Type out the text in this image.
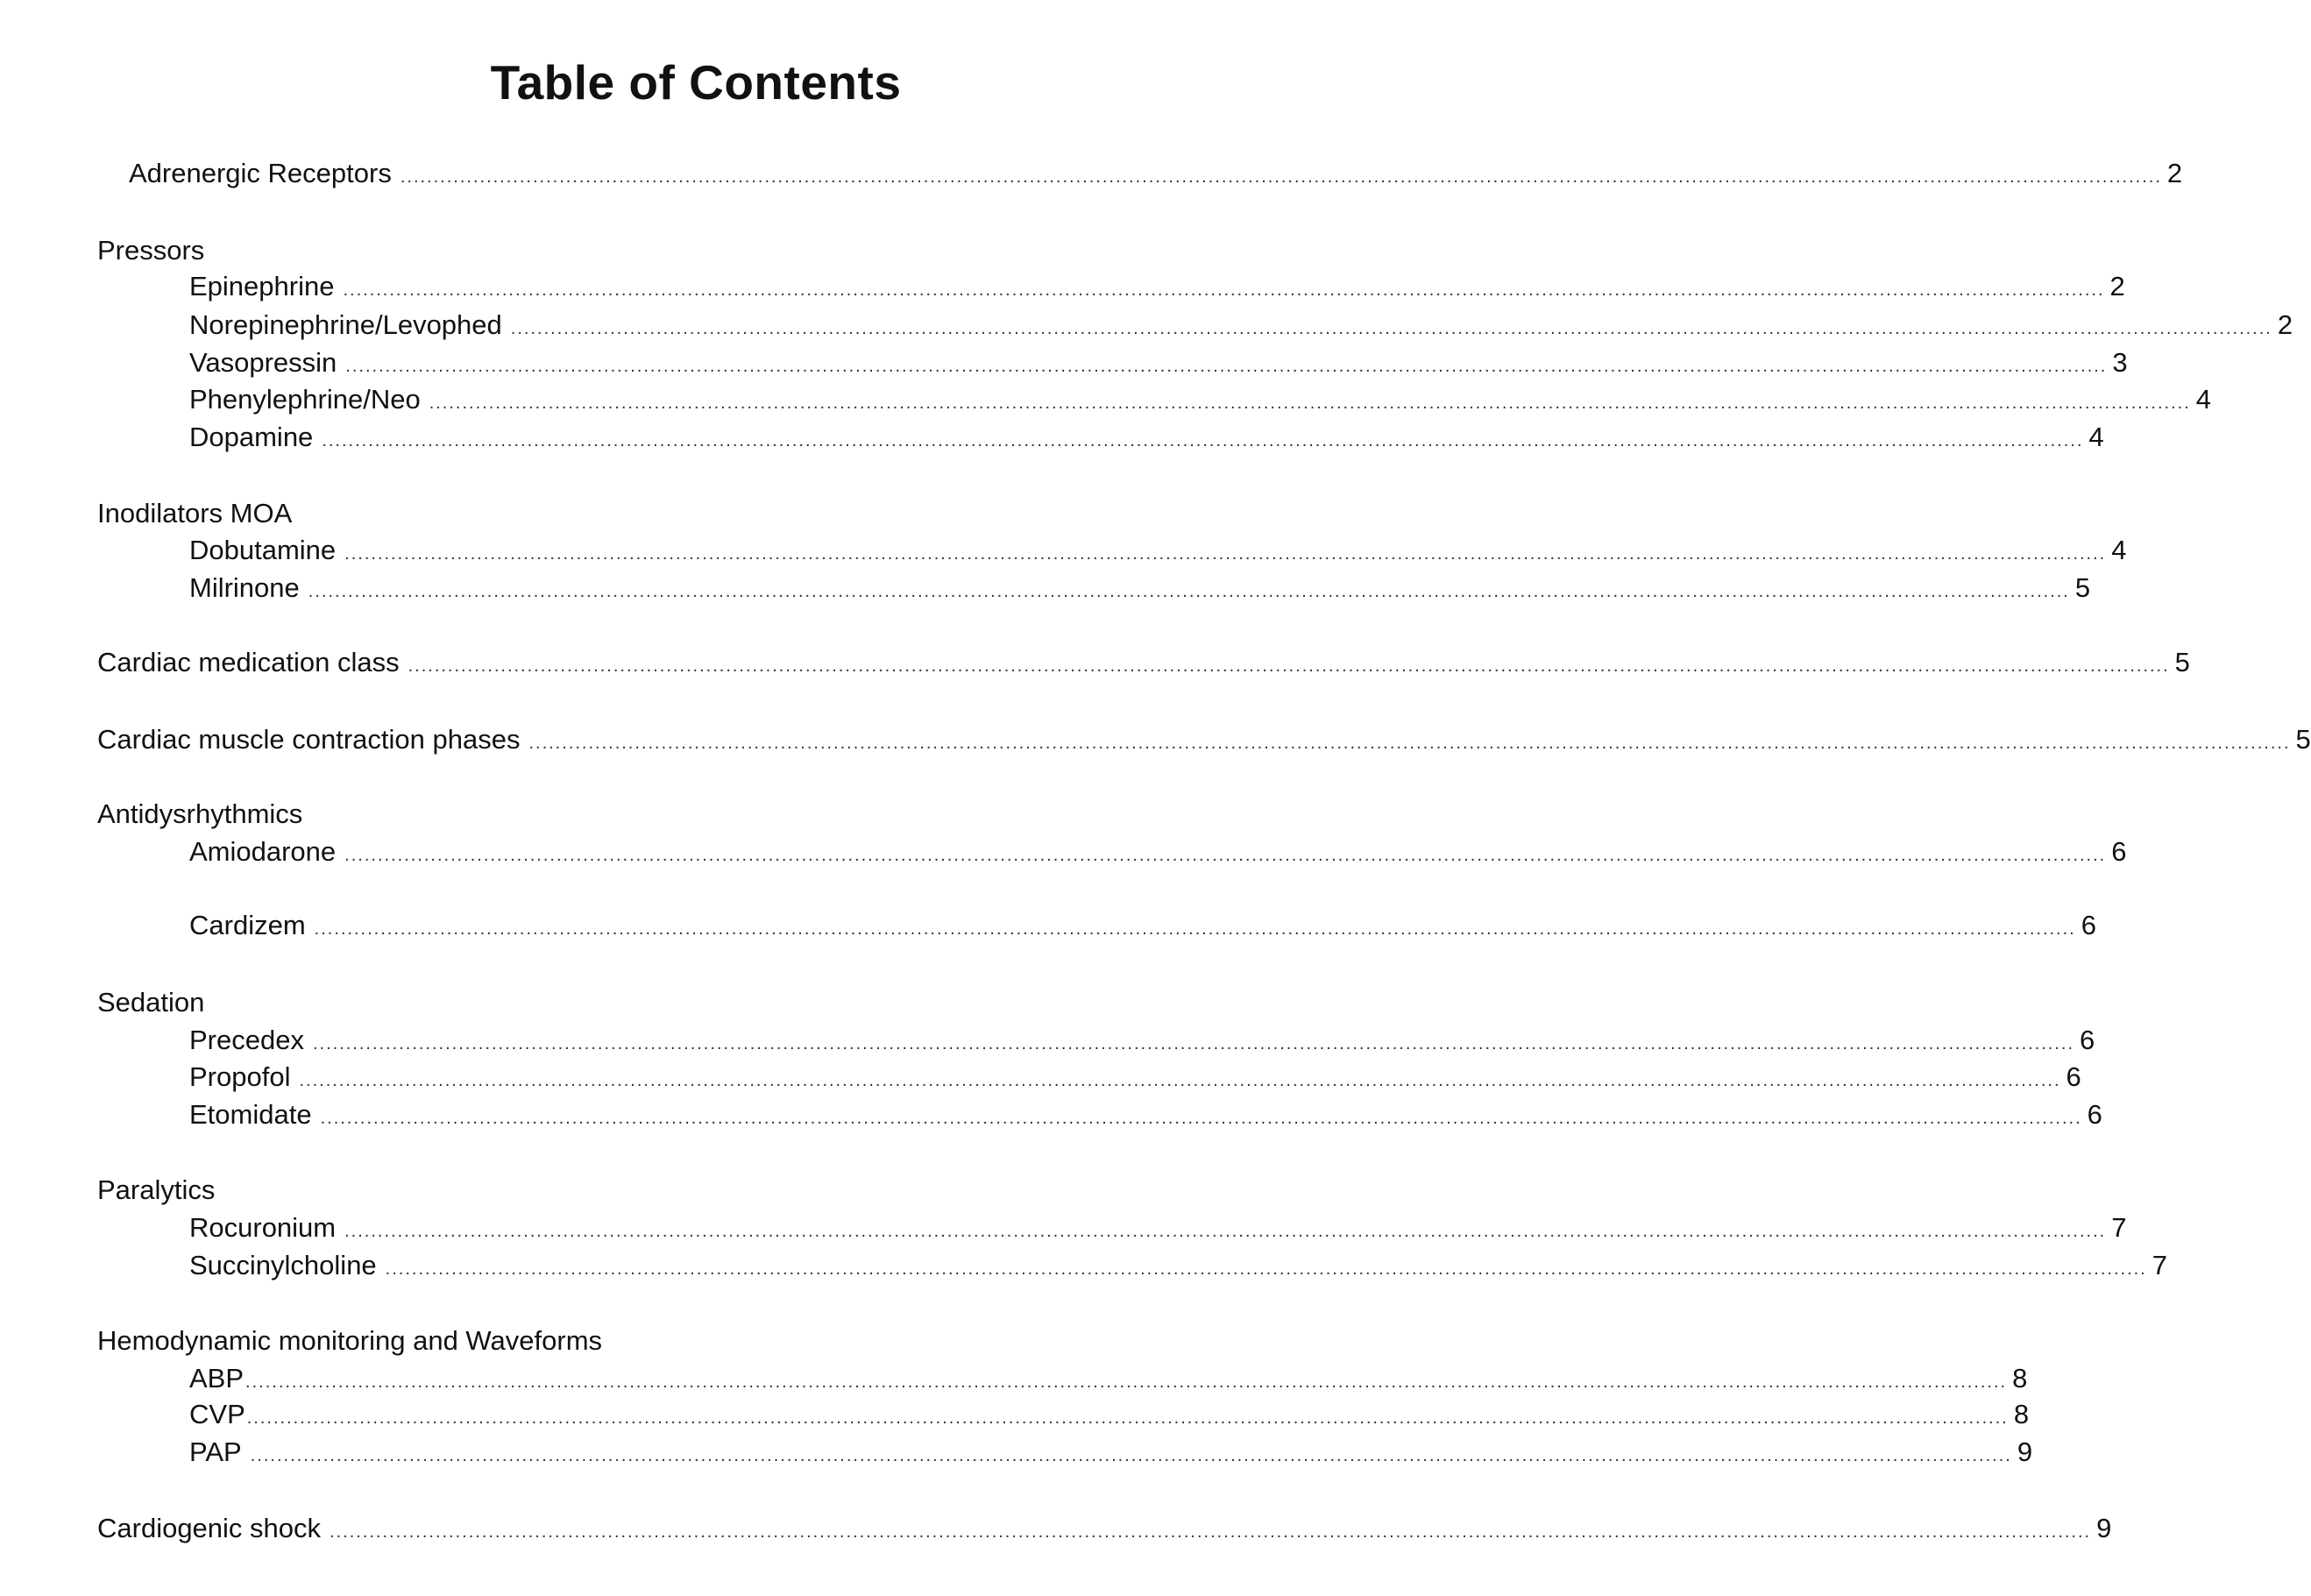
Table of Contents
Adrenergic Receptors .......................................................................................................................................................................................................................................................................... 2
Pressors
Epinephrine .......................................................................................................................................................................................................................................................................... 2
Norepinephrine/Levophed .......................................................................................................................................................................................................................................................................... 2
Vasopressin .......................................................................................................................................................................................................................................................................... 3
Phenylephrine/Neo .......................................................................................................................................................................................................................................................................... 4
Dopamine .......................................................................................................................................................................................................................................................................... 4
Inodilators MOA
Dobutamine .......................................................................................................................................................................................................................................................................... 4
Milrinone .......................................................................................................................................................................................................................................................................... 5
Cardiac medication class .......................................................................................................................................................................................................................................................................... 5
Cardiac muscle contraction phases .......................................................................................................................................................................................................................................................................... 5
Antidysrhythmics
Amiodarone .......................................................................................................................................................................................................................................................................... 6
Cardizem .......................................................................................................................................................................................................................................................................... 6
Sedation
Precedex .......................................................................................................................................................................................................................................................................... 6
Propofol .......................................................................................................................................................................................................................................................................... 6
Etomidate .......................................................................................................................................................................................................................................................................... 6
Paralytics
Rocuronium .......................................................................................................................................................................................................................................................................... 7
Succinylcholine .......................................................................................................................................................................................................................................................................... 7
Hemodynamic monitoring and Waveforms
ABP .......................................................................................................................................................................................................................................................................... 8
CVP .......................................................................................................................................................................................................................................................................... 8
PAP .......................................................................................................................................................................................................................................................................... 9
Cardiogenic shock .......................................................................................................................................................................................................................................................................... 9
